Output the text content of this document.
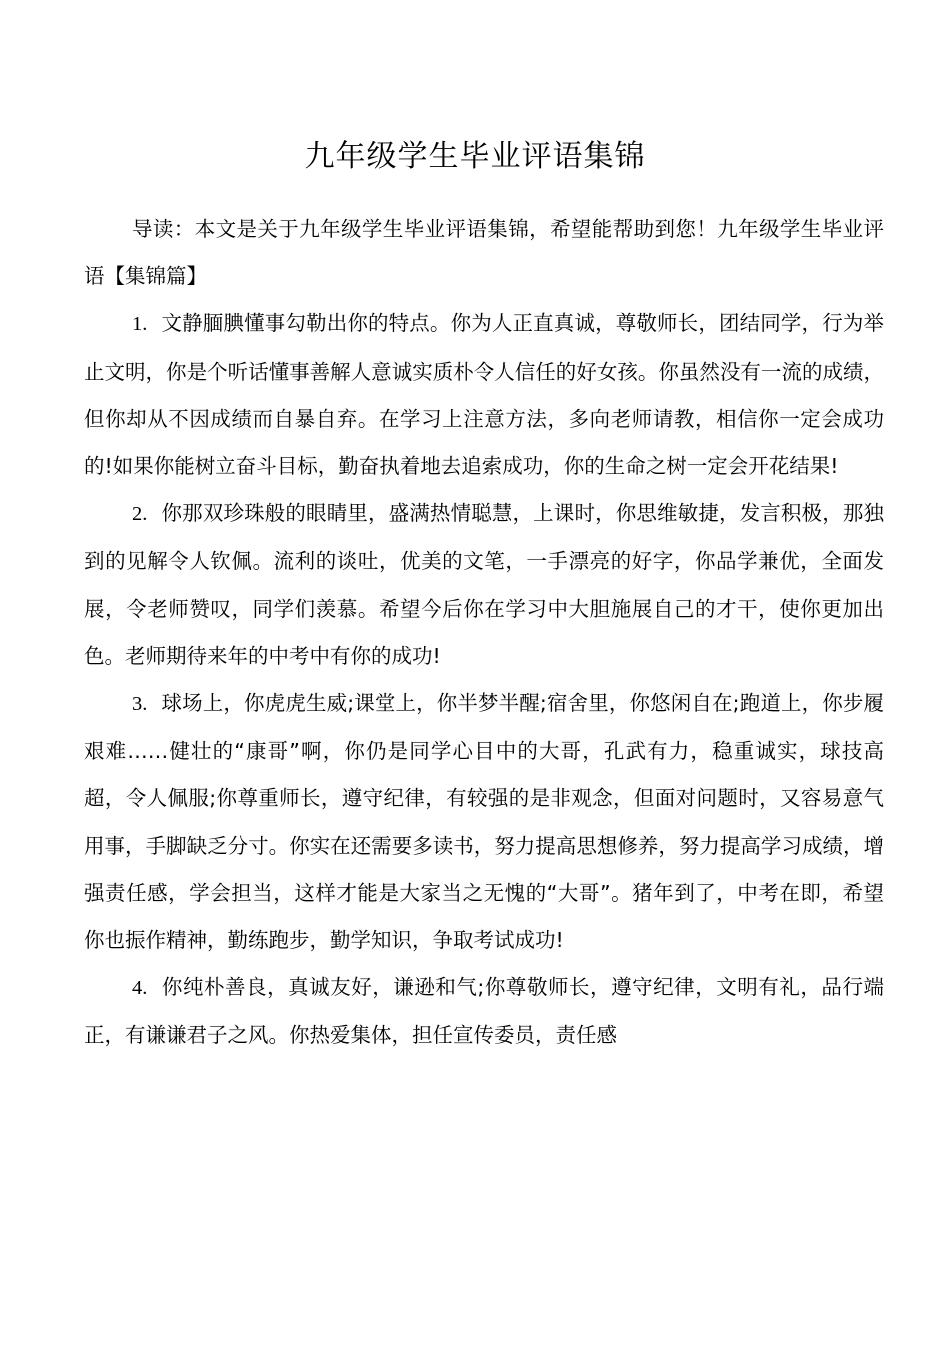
九年级学生毕业评语集锦

导读：本文是关于九年级学生毕业评语集锦，希望能帮助到您！九年级学生毕业评语【集锦篇】

1. 文静腼腆懂事勾勒出你的特点。你为人正直真诚，尊敬师长，团结同学，行为举止文明，你是个听话懂事善解人意诚实质朴令人信任的好女孩。你虽然没有一流的成绩，但你却从不因成绩而自暴自弃。在学习上注意方法，多向老师请教，相信你一定会成功的!如果你能树立奋斗目标，勤奋执着地去追索成功，你的生命之树一定会开花结果!

2. 你那双珍珠般的眼睛里，盛满热情聪慧，上课时，你思维敏捷，发言积极，那独到的见解令人钦佩。流利的谈吐，优美的文笔，一手漂亮的好字，你品学兼优，全面发展，令老师赞叹，同学们羡慕。希望今后你在学习中大胆施展自己的才干，使你更加出色。老师期待来年的中考中有你的成功!

3. 球场上，你虎虎生威;课堂上，你半梦半醒;宿舍里，你悠闲自在;跑道上，你步履艰难……健壮的“康哥”啊，你仍是同学心目中的大哥，孔武有力，稳重诚实，球技高超，令人佩服;你尊重师长，遵守纪律，有较强的是非观念，但面对问题时，又容易意气用事，手脚缺乏分寸。你实在还需要多读书，努力提高思想修养，努力提高学习成绩，增强责任感，学会担当，这样才能是大家当之无愧的“大哥”。猪年到了，中考在即，希望你也振作精神，勤练跑步，勤学知识，争取考试成功!

4. 你纯朴善良，真诚友好，谦逊和气;你尊敬师长，遵守纪律，文明有礼，品行端正，有谦谦君子之风。你热爱集体，担任宣传委员，责任感
